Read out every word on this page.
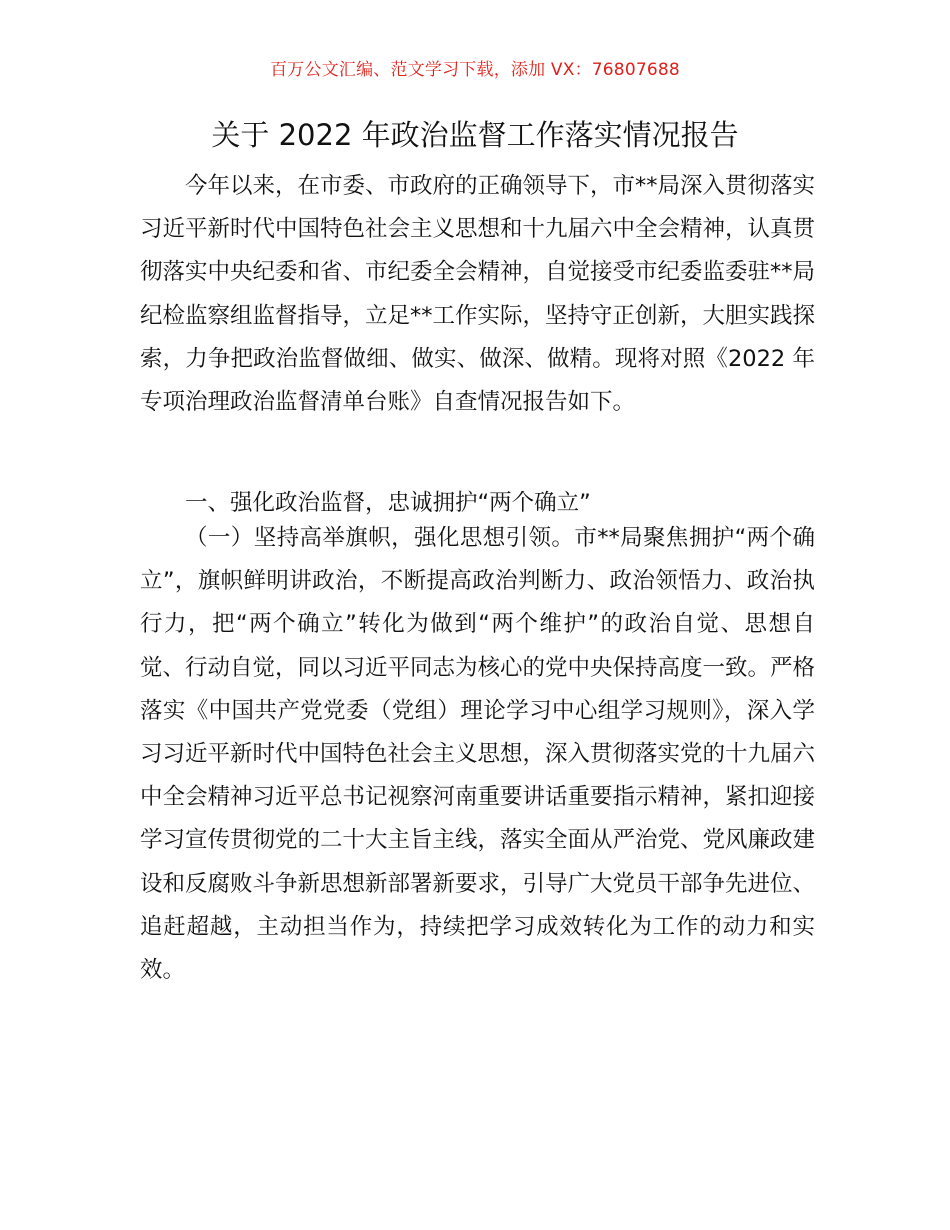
百万公文汇编、范文学习下载，添加 VX：76807688
关于 2022 年政治监督工作落实情况报告

今年以来，在市委、市政府的正确领导下，市**局深入贯彻落实习近平新时代中国特色社会主义思想和十九届六中全会精神，认真贯彻落实中央纪委和省、市纪委全会精神，自觉接受市纪委监委驻**局纪检监察组监督指导，立足**工作实际，坚持守正创新，大胆实践探索，力争把政治监督做细、做实、做深、做精。现将对照《2022 年专项治理政治监督清单台账》自查情况报告如下。

一、强化政治监督，忠诚拥护“两个确立”

（一）坚持高举旗帜，强化思想引领。市**局聚焦拥护“两个确立”，旗帜鲜明讲政治，不断提高政治判断力、政治领悟力、政治执行力，把“两个确立”转化为做到“两个维护”的政治自觉、思想自觉、行动自觉，同以习近平同志为核心的党中央保持高度一致。严格落实《中国共产党党委（党组）理论学习中心组学习规则》，深入学习习近平新时代中国特色社会主义思想，深入贯彻落实党的十九届六中全会精神习近平总书记视察河南重要讲话重要指示精神，紧扣迎接学习宣传贯彻党的二十大主旨主线，落实全面从严治党、党风廉政建设和反腐败斗争新思想新部署新要求，引导广大党员干部争先进位、追赶超越，主动担当作为，持续把学习成效转化为工作的动力和实效。
